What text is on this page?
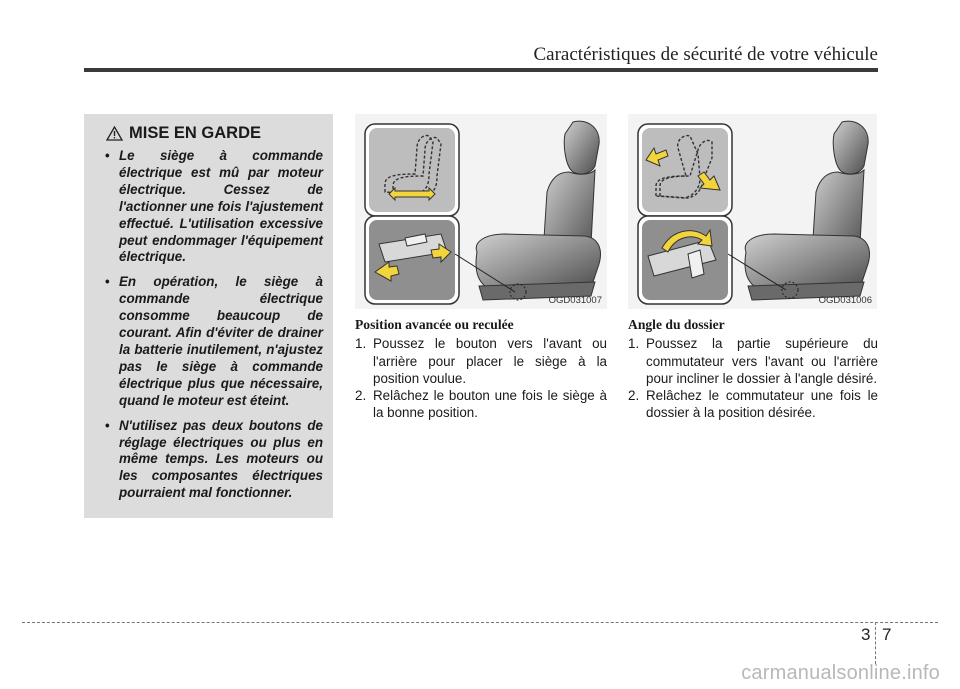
Caractéristiques de sécurité de votre véhicule
MISE EN GARDE
• Le siège à commande électrique est mû par moteur électrique. Cessez de l'actionner une fois l'ajustement effectué. L'utilisation excessive peut endommager l'équipement électrique.
• En opération, le siège à commande électrique consomme beaucoup de courant. Afin d'éviter de drainer la batterie inutilement, n'ajustez pas le siège à commande électrique plus que nécessaire, quand le moteur est éteint.
• N'utilisez pas deux boutons de réglage électriques ou plus en même temps. Les moteurs ou les composantes électriques pourraient mal fonctionner.
OGD031007	OGD031006
Position avancée ou reculée
1. Poussez le bouton vers l'avant ou l'arrière pour placer le siège à la position voulue.
2. Relâchez le bouton une fois le siège à la bonne position.
Angle du dossier
1. Poussez la partie supérieure du commutateur vers l'avant ou l'arrière pour incliner le dossier à l'angle désiré.
2. Relâchez le commutateur une fois le dossier à la position désirée.
3 7
carmanualsonline.info
